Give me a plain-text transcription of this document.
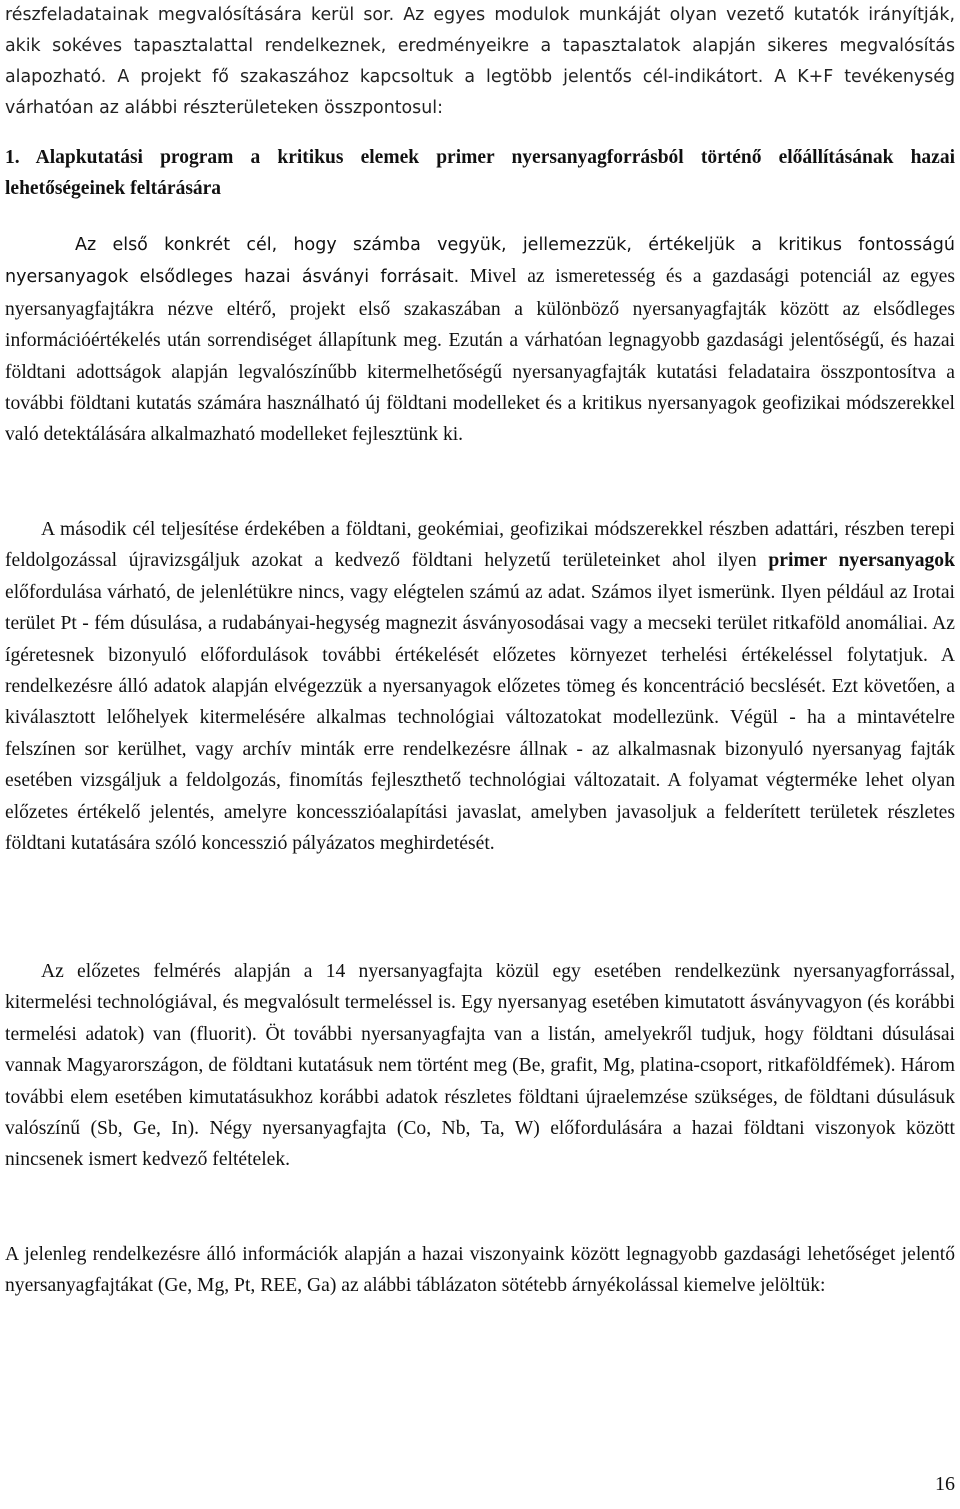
részfeladatainak megvalósítására kerül sor. Az egyes modulok munkáját olyan vezető kutatók irányítják, akik sokéves tapasztalattal rendelkeznek, eredményeikre a tapasztalatok alapján sikeres megvalósítás alapozható. A projekt fő szakaszához kapcsoltuk a legtöbb jelentős cél-indikátort. A K+F tevékenység várhatóan az alábbi részterületeken összpontosul:

1. Alapkutatási program a kritikus elemek primer nyersanyagforrásból történő előállításának hazai lehetőségeinek feltárására

Az első konkrét cél, hogy számba vegyük, jellemezzük, értékeljük a kritikus fontosságú nyersanyagok elsődleges hazai ásványi forrásait. Mivel az ismeretesség és a gazdasági potenciál az egyes nyersanyagfajtákra nézve eltérő, projekt első szakaszában a különböző nyersanyagfajták között az elsődleges információértékelés után sorrendiséget állapítunk meg. Ezután a várhatóan legnagyobb gazdasági jelentőségű, és hazai földtani adottságok alapján legvalószínűbb kitermelhetőségű nyersanyagfajták kutatási feladataira összpontosítva a további földtani kutatás számára használható új földtani modelleket és a kritikus nyersanyagok geofizikai módszerekkel való detektálására alkalmazható modelleket fejlesztünk ki.

A második cél teljesítése érdekében a földtani, geokémiai, geofizikai módszerekkel részben adattári, részben terepi feldolgozással újravizsgáljuk azokat a kedvező földtani helyzetű területeinket ahol ilyen primer nyersanyagok előfordulása várható, de jelenlétükre nincs, vagy elégtelen számú az adat. Számos ilyet ismerünk. Ilyen például az Irotai terület Pt - fém dúsulása, a rudabányai-hegység magnezit ásványosodásai vagy a mecseki terület ritkaföld anomáliai. Az ígéretesnek bizonyuló előfordulások további értékelését előzetes környezet terhelési értékeléssel folytatjuk. A rendelkezésre álló adatok alapján elvégezzük a nyersanyagok előzetes tömeg és koncentráció becslését. Ezt követően, a kiválasztott lelőhelyek kitermelésére alkalmas technológiai változatokat modellezünk. Végül - ha a mintavételre felszínen sor kerülhet, vagy archív minták erre rendelkezésre állnak - az alkalmasnak bizonyuló nyersanyag fajták esetében vizsgáljuk a feldolgozás, finomítás fejleszthető technológiai változatait. A folyamat végterméke lehet olyan előzetes értékelő jelentés, amelyre koncesszióalapítási javaslat, amelyben javasoljuk a felderített területek részletes földtani kutatására szóló koncesszió pályázatos meghirdetését.

Az előzetes felmérés alapján a 14 nyersanyagfajta közül egy esetében rendelkezünk nyersanyagforrással, kitermelési technológiával, és megvalósult termeléssel is. Egy nyersanyag esetében kimutatott ásványvagyon (és korábbi termelési adatok) van (fluorit). Öt további nyersanyagfajta van a listán, amelyekről tudjuk, hogy földtani dúsulásai vannak Magyarországon, de földtani kutatásuk nem történt meg (Be, grafit, Mg, platina-csoport, ritkaföldfémek). Három további elem esetében kimutatásukhoz korábbi adatok részletes földtani újraelemzése szükséges, de földtani dúsulásuk valószínű (Sb, Ge, In). Négy nyersanyagfajta (Co, Nb, Ta, W) előfordulására a hazai földtani viszonyok között nincsenek ismert kedvező feltételek.

A jelenleg rendelkezésre álló információk alapján a hazai viszonyaink között legnagyobb gazdasági lehetőséget jelentő nyersanyagfajtákat (Ge, Mg, Pt, REE, Ga) az alábbi táblázaton sötétebb árnyékolással kiemelve jelöltük:

16
